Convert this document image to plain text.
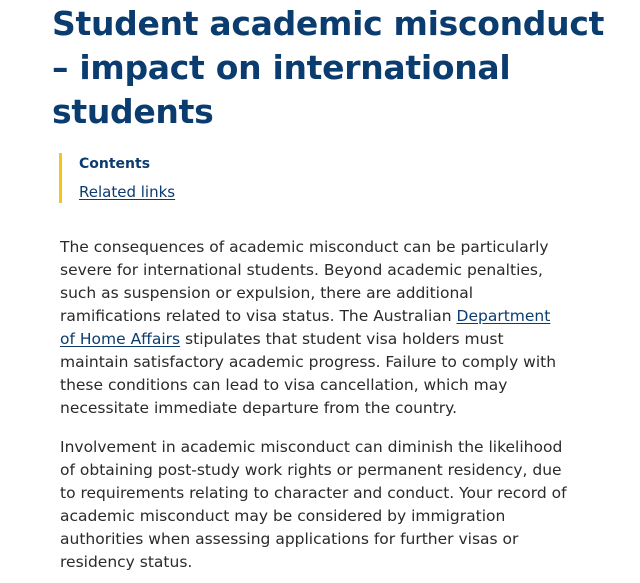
Student academic misconduct – impact on international students
Contents
Related links

The consequences of academic misconduct can be particularly severe for international students. Beyond academic penalties, such as suspension or expulsion, there are additional ramifications related to visa status. The Australian Department of Home Affairs stipulates that student visa holders must maintain satisfactory academic progress. Failure to comply with these conditions can lead to visa cancellation, which may necessitate immediate departure from the country.

Involvement in academic misconduct can diminish the likelihood of obtaining post-study work rights or permanent residency, due to requirements relating to character and conduct. Your record of academic misconduct may be considered by immigration authorities when assessing applications for further visas or residency status.
